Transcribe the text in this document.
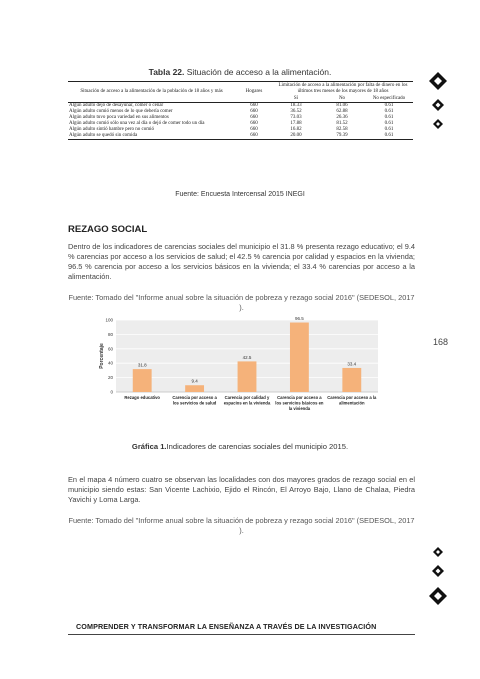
Tabla 22. Situación de acceso a la alimentación.
Situación de acceso a la alimentación de la población de 18 años y más	Hogares	Limitación de acceso a la alimentación por falta de dinero en los últimos tres meses de los mayores de 18 años		
		Sí	No	No especificado
Algún adulto dejó de desayunar, comer o cenar	660	18.33	81.06	0.61
Algún adulto comió menos de lo que debería comer	660	36.52	62.88	0.61
Algún adulto tuvo poca variedad en sus alimentos	660	73.03	26.36	0.61
Algún adulto comió sólo una vez al día o dejó de comer todo un día	660	17.88	81.52	0.61
Algún adulto sintió hambre pero no comió	660	16.82	82.58	0.61
Algún adulto se quedó sin comida	660	20.00	79.39	0.61
Fuente: Encuesta Intercensal 2015 INEGI
REZAGO SOCIAL
Dentro de los indicadores de carencias sociales del municipio el 31.8 % presenta rezago educativo; el 9.4 % carencias por acceso a los servicios de salud; el 42.5 % carencia por calidad y espacios en la vivienda; 96.5 % carencia por acceso a los servicios básicos en la vivienda; el 33.4 % carencias por acceso a la alimentación.
Fuente: Tomado del "Informe anual sobre la situación de pobreza y rezago social 2016" (SEDESOL, 2017 ).
168
0
20
40
60
80
100
Porcentaje	31.8
Rezago educativo
9.4
Carencia por acceso a
los servicios de salud
42.5
Carencia por calidad y
espacios en la vivienda
96.5
Carencia por acceso a
los servicios básicos en
la vivienda
33.4
Carencia por acceso a la
alimentación
Gráfica 1.Indicadores de carencias sociales del municipio 2015.
En el mapa 4 número cuatro se observan las localidades con dos mayores grados de rezago social en el municipio siendo estas: San Vicente Lachixio, Ejido el Rincón, El Arroyo Bajo, Llano de Chalaa, Piedra Yavichi y Loma Larga.
Fuente: Tomado del "Informe anual sobre la situación de pobreza y rezago social 2016" (SEDESOL, 2017 ).
COMPRENDER Y TRANSFORMAR LA ENSEÑANZA A TRAVÉS DE LA INVESTIGACIÓN
